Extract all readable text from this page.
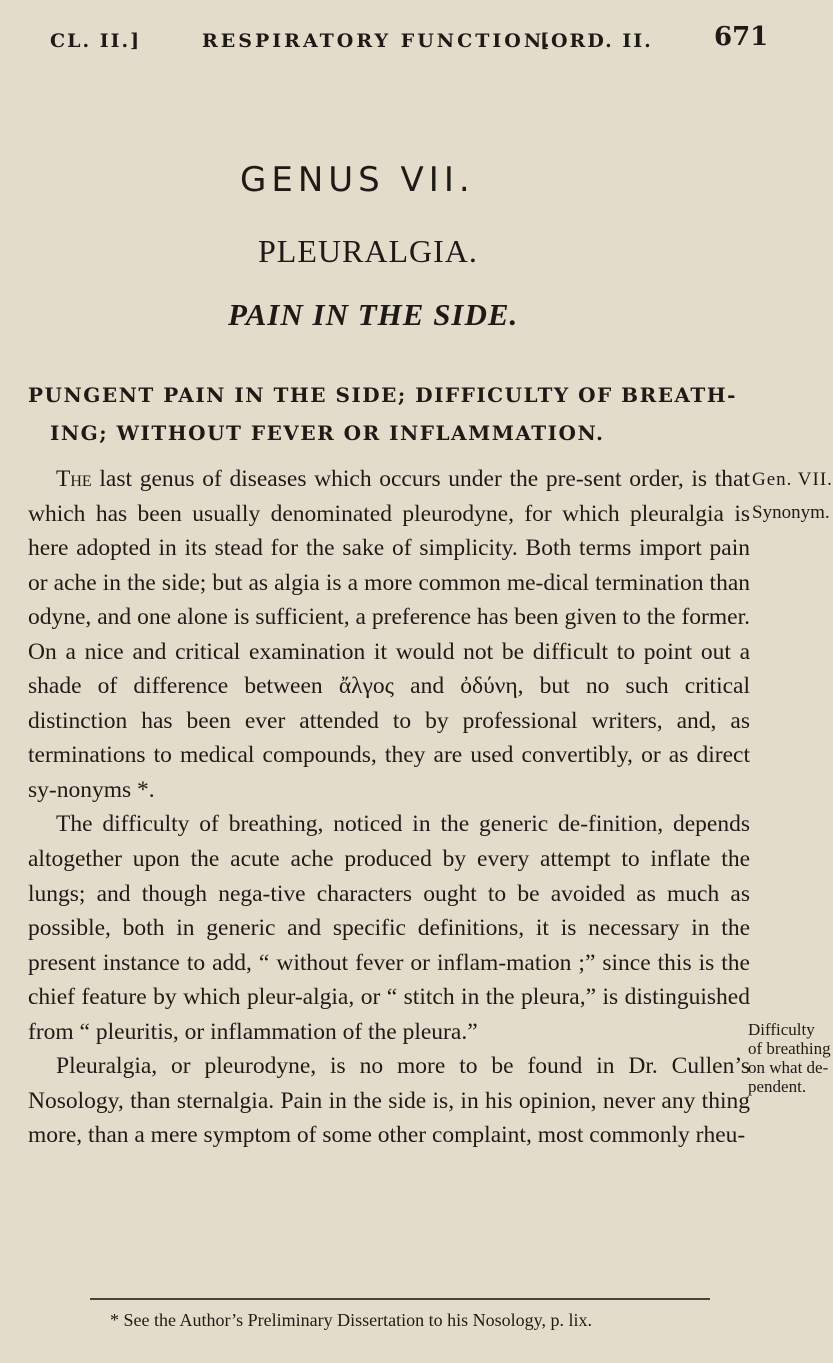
CL. II.]	RESPIRATORY FUNCTION.
[ORD. II. 671
GENUS VII.
PLEURALGIA.
PAIN IN THE SIDE.
PUNGENT PAIN IN THE SIDE; DIFFICULTY OF BREATH-
ING; WITHOUT FEVER OR INFLAMMATION.

The last genus of diseases which occurs under the pre-sent order, is that which has been usually denominated pleurodyne, for which pleuralgia is here adopted in its stead for the sake of simplicity. Both terms import pain or ache in the side; but as algia is a more common me-dical termination than odyne, and one alone is sufficient, a preference has been given to the former. On a nice and critical examination it would not be difficult to point out a shade of difference between ἄλγος and ὀδύνη, but no such critical distinction has been ever attended to by professional writers, and, as terminations to medical compounds, they are used convertibly, or as direct sy-nonyms *.

The difficulty of breathing, noticed in the generic de-finition, depends altogether upon the acute ache produced by every attempt to inflate the lungs; and though nega-tive characters ought to be avoided as much as possible, both in generic and specific definitions, it is necessary in the present instance to add, “ without fever or inflam-mation ;” since this is the chief feature by which pleur-algia, or “ stitch in the pleura,” is distinguished from “ pleuritis, or inflammation of the pleura.”

Pleuralgia, or pleurodyne, is no more to be found in Dr. Cullen’s Nosology, than sternalgia. Pain in the side is, in his opinion, never any thing more, than a mere symptom of some other complaint, most commonly rheu-

Gen. VII.
Synonym.
Difficulty
of breathing
on what de-
pendent.
* See the Author’s Preliminary Dissertation to his Nosology, p. lix.
